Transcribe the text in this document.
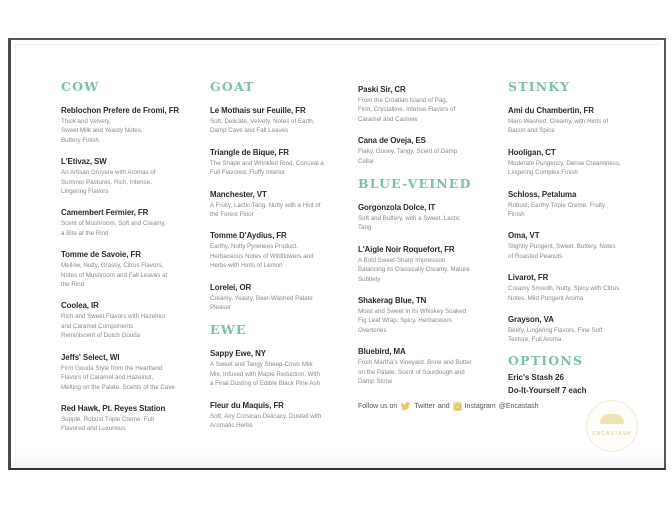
COW
Reblochon Prefere de Fromi, FR
Thick and Velvety,
Sweet Milk and Yeasty Notes,
Buttery Finish
L'Etivaz, SW
An Artisan Gruyere with Aromas of
Summer Pastures. Rich, Intense,
Lingering Flavors
Camembert Fermier, FR
Scent of Mushroom, Soft and Creamy,
a Bite at the Rind
Tomme de Savoie, FR
Mellow, Nutty, Grassy, Citrus Flavors,
Notes of Mushroom and Fall Leaves at
the Rind
Coolea, IR
Rich and Sweet Flavors with Hazelnut
and Caramel Components
Reminiscent of Dutch Gouda
Jeffs' Select, WI
Firm Gouda Style from the Heartland
Flavors of Caramel and Hazelnut,
Melting on the Palate. Scents of the Cave
Red Hawk, Pt. Reyes Station
Supple, Robust Triple Creme. Full
Flavored and Luxurious
GOAT
Le Mothais sur Feuille, FR
Soft, Delicate, Velvety. Notes of Earth,
Damp Cave and Fall Leaves
Triangle de Bique, FR
The Shape and Wrinkled Rind, Conceal a
Full Flavored, Fluffy Interior
Manchester, VT
A Fruity, Lactic Tang. Nutty with a Hint of
the Forest Floor
Tomme D'Aydius, FR
Earthy, Nutty Pyrenees Product.
Herbaceous Notes of Wildflowers and
Herbs with Hints of Lemon
Lorelei, OR
Creamy, Yeasty, Beer-Washed Palate
Pleaser
EWE
Sappy Ewe, NY
A Sweet and Tangy Sheep-Cows Milk
Mix, Infused with Maple Reduction. With
a Final Dusting of Edible Black Pine Ash
Fleur du Maquis, FR
Soft, Airy Corsican Delicacy, Dusted with
Aromatic Herbs
Paski Sir, CR
From the Croatian Island of Pag,
Firm, Crystalline, Intense Flavors of
Caramel and Cashew
Cana de Oveja, ES
Flaky, Gooey, Tangy. Scent of Damp
Cellar
BLUE-VEINED
Gorgonzola Dolce, IT
Soft and Buttery, with a Sweet, Lactic
Tang
L'Aigle Noir Roquefort, FR
A Bold Sweet-Sharp Impression
Balancing its Classically Creamy, Mature
Subtlety
Shakerag Blue, TN
Moist and Sweet in its Whiskey Soaked
Fig Leaf Wrap. Spicy, Herbaceous
Overtones
Bluebird, MA
From Martha's Vineyard. Brine and Butter
on the Palate. Scent of Sourdough and
Damp Stone
STINKY
Ami du Chambertin, FR
Marc-Washed, Creamy, with Hints of
Bacon and Spice
Hooligan, CT
Moderate Pungency, Dense Creaminess,
Lingering Complex Finish
Schloss, Petaluma
Robust, Earthy Triple Creme. Fruity
Finish
Oma, VT
Slightly Pungent, Sweet, Buttery, Notes
of Roasted Peanuts
Livarot, FR
Creamy Smooth, Nutty, Spicy with Citrus
Notes. Mild Pungent Aroma
Grayson, VA
Beefy, Lingering Flavors, Fine Soft
Texture, Full Aroma
OPTIONS
Eric's Stash 26
Do-It-Yourself 7 each
Follow us on Twitter and Instagram @Encastash
ENCASTASH
